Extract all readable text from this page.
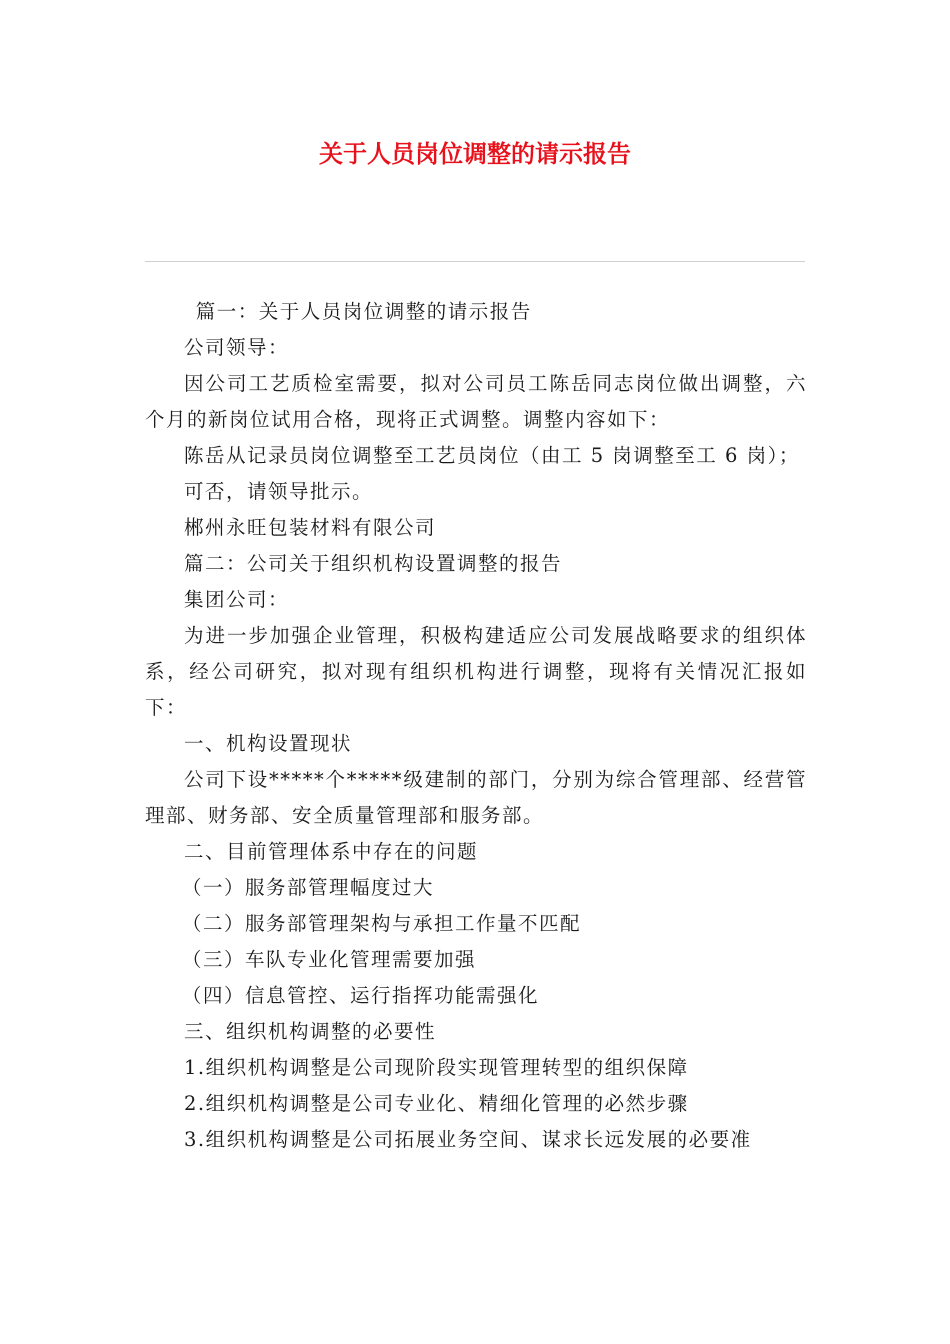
关于人员岗位调整的请示报告

篇一：关于人员岗位调整的请示报告

公司领导：

因公司工艺质检室需要，拟对公司员工陈岳同志岗位做出调整，六个月的新岗位试用合格，现将正式调整。调整内容如下：

陈岳从记录员岗位调整至工艺员岗位（由工 5 岗调整至工 6 岗）；

可否，请领导批示。

郴州永旺包装材料有限公司

篇二：公司关于组织机构设置调整的报告

集团公司：

为进一步加强企业管理，积极构建适应公司发展战略要求的组织体系，经公司研究，拟对现有组织机构进行调整，现将有关情况汇报如下：

一、机构设置现状

公司下设*****个*****级建制的部门，分别为综合管理部、经营管理部、财务部、安全质量管理部和服务部。

二、目前管理体系中存在的问题

（一）服务部管理幅度过大

（二）服务部管理架构与承担工作量不匹配

（三）车队专业化管理需要加强

（四）信息管控、运行指挥功能需强化

三、组织机构调整的必要性

1.组织机构调整是公司现阶段实现管理转型的组织保障

2.组织机构调整是公司专业化、精细化管理的必然步骤

3.组织机构调整是公司拓展业务空间、谋求长远发展的必要准
